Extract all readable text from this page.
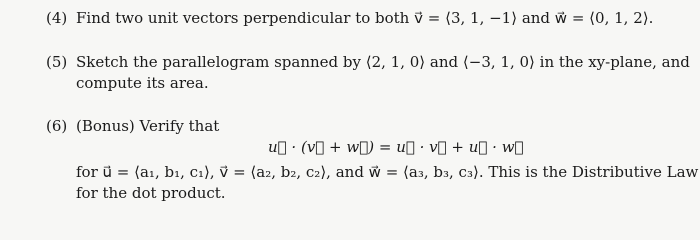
(4) Find two unit vectors perpendicular to both v⃗ = ⟨3, 1, −1⟩ and w⃗ = ⟨0, 1, 2⟩.
(5) Sketch the parallelogram spanned by ⟨2, 1, 0⟩ and ⟨−3, 1, 0⟩ in the xy-plane, and
compute its area.
(6) (Bonus) Verify that
u⃗ · (v⃗ + w⃗) = u⃗ · v⃗ + u⃗ · w⃗
for u⃗ = ⟨a₁, b₁, c₁⟩, v⃗ = ⟨a₂, b₂, c₂⟩, and w⃗ = ⟨a₃, b₃, c₃⟩. This is the Distributive Law
for the dot product.
